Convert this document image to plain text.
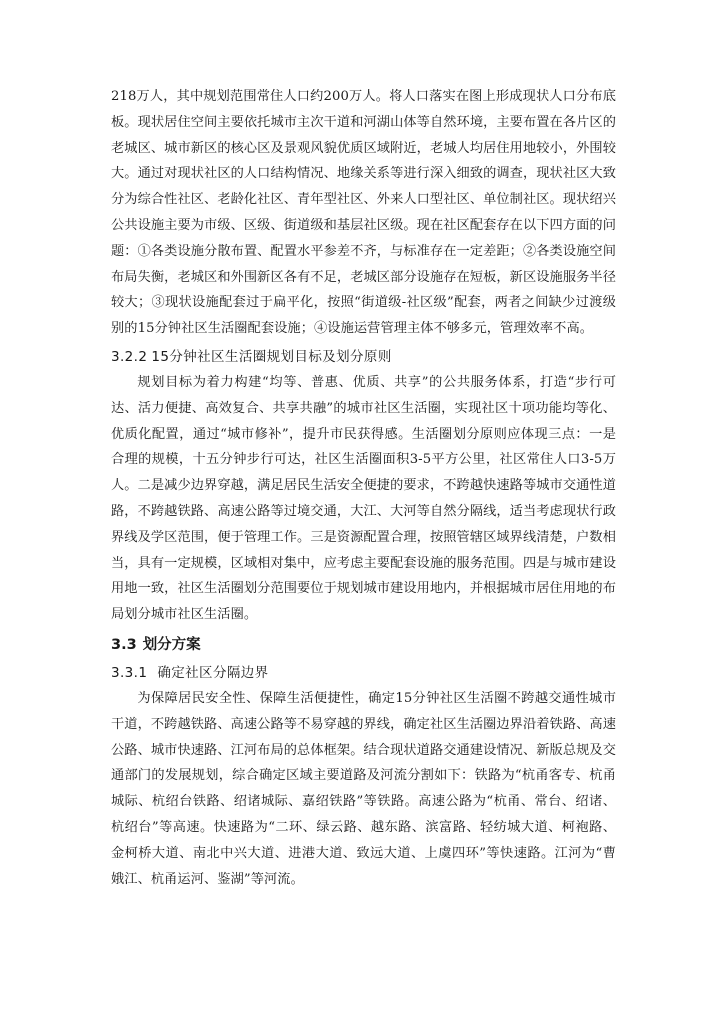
218万人，其中规划范围常住人口约200万人。将人口落实在图上形成现状人口分布底板。现状居住空间主要依托城市主次干道和河湖山体等自然环境，主要布置在各片区的老城区、城市新区的核心区及景观风貌优质区域附近，老城人均居住用地较小，外围较大。通过对现状社区的人口结构情况、地缘关系等进行深入细致的调查，现状社区大致分为综合性社区、老龄化社区、青年型社区、外来人口型社区、单位制社区。现状绍兴公共设施主要为市级、区级、街道级和基层社区级。现在社区配套存在以下四方面的问题：①各类设施分散布置、配置水平参差不齐，与标准存在一定差距；②各类设施空间布局失衡，老城区和外围新区各有不足，老城区部分设施存在短板，新区设施服务半径较大；③现状设施配套过于扁平化，按照“街道级-社区级”配套，两者之间缺少过渡级别的15分钟社区生活圈配套设施；④设施运营管理主体不够多元，管理效率不高。

3.2.2 15分钟社区生活圈规划目标及划分原则

规划目标为着力构建“均等、普惠、优质、共享”的公共服务体系，打造“步行可达、活力便捷、高效复合、共享共融”的城市社区生活圈，实现社区十项功能均等化、优质化配置，通过“城市修补”，提升市民获得感。生活圈划分原则应体现三点：一是合理的规模，十五分钟步行可达，社区生活圈面积3-5平方公里，社区常住人口3-5万人。二是减少边界穿越，满足居民生活安全便捷的要求，不跨越快速路等城市交通性道路，不跨越铁路、高速公路等过境交通，大江、大河等自然分隔线，适当考虑现状行政界线及学区范围，便于管理工作。三是资源配置合理，按照管辖区域界线清楚，户数相当，具有一定规模，区域相对集中，应考虑主要配套设施的服务范围。四是与城市建设用地一致，社区生活圈划分范围要位于规划城市建设用地内，并根据城市居住用地的布局划分城市社区生活圈。

3.3 划分方案
3.3.1 确定社区分隔边界

为保障居民安全性、保障生活便捷性，确定15分钟社区生活圈不跨越交通性城市干道，不跨越铁路、高速公路等不易穿越的界线，确定社区生活圈边界沿着铁路、高速公路、城市快速路、江河布局的总体框架。结合现状道路交通建设情况、新版总规及交通部门的发展规划，综合确定区域主要道路及河流分割如下：铁路为“杭甬客专、杭甬城际、杭绍台铁路、绍诸城际、嘉绍铁路”等铁路。高速公路为“杭甬、常台、绍诸、杭绍台”等高速。快速路为“二环、绿云路、越东路、滨富路、轻纺城大道、柯袍路、金柯桥大道、南北中兴大道、进港大道、致远大道、上虞四环”等快速路。江河为“曹娥江、杭甬运河、鉴湖”等河流。
